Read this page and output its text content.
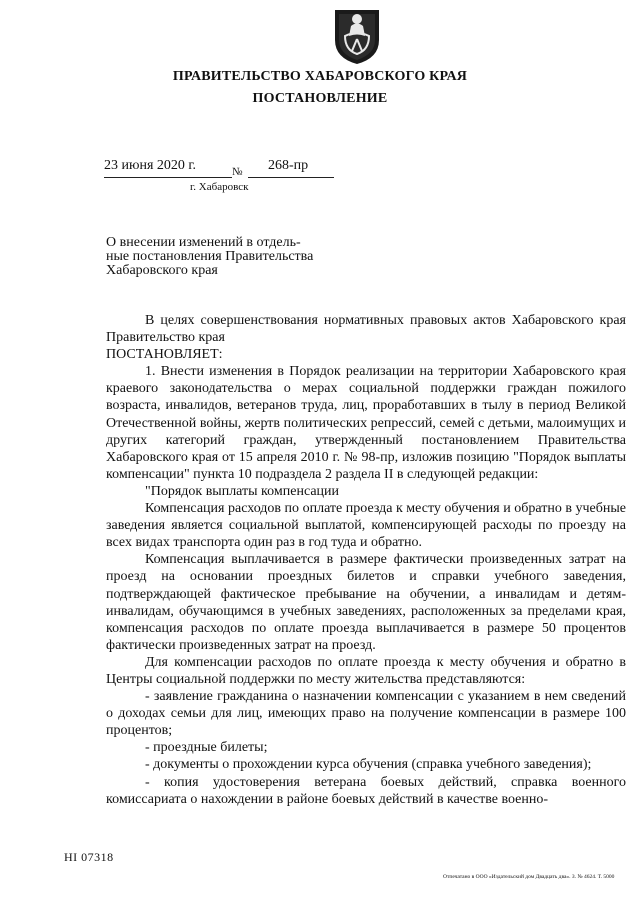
ПРАВИТЕЛЬСТВО ХАБАРОВСКОГО КРАЯ
ПОСТАНОВЛЕНИЕ
23 июня 2020 г.	№ 268-пр
г. Хабаровск
О внесении изменений в отдель-
ные постановления Правительства
Хабаровского края

В целях совершенствования нормативных правовых актов Хабаровского края Правительство края

ПОСТАНОВЛЯЕТ:

1. Внести изменения в Порядок реализации на территории Хабаровского края краевого законодательства о мерах социальной поддержки граждан пожилого возраста, инвалидов, ветеранов труда, лиц, проработавших в тылу в период Великой Отечественной войны, жертв политических репрессий, семей с детьми, малоимущих и других категорий граждан, утвержденный постановлением Правительства Хабаровского края от 15 апреля 2010 г. № 98-пр, изложив позицию "Порядок выплаты компенсации" пункта 10 подраздела 2 раздела II в следующей редакции:

"Порядок выплаты компенсации

Компенсация расходов по оплате проезда к месту обучения и обратно в учебные заведения является социальной выплатой, компенсирующей расходы по проезду на всех видах транспорта один раз в год туда и обратно.

Компенсация выплачивается в размере фактически произведенных затрат на проезд на основании проездных билетов и справки учебного заведения, подтверждающей фактическое пребывание на обучении, а инвалидам и детям-инвалидам, обучающимся в учебных заведениях, расположенных за пределами края, компенсация расходов по оплате проезда выплачивается в размере 50 процентов фактически произведенных затрат на проезд.

Для компенсации расходов по оплате проезда к месту обучения и обратно в Центры социальной поддержки по месту жительства представляются:

- заявление гражданина о назначении компенсации с указанием в нем сведений о доходах семьи для лиц, имеющих право на получение компенсации в размере 100 процентов;

- проездные билеты;

- документы о прохождении курса обучения (справка учебного заведения);

- копия удостоверения ветерана боевых действий, справка военного комиссариата о нахождении в районе боевых действий в качестве военно-

НI 07318
Отпечатано в ООО «Издательский дом Двадцать два». З. № 4624. Т. 5000
